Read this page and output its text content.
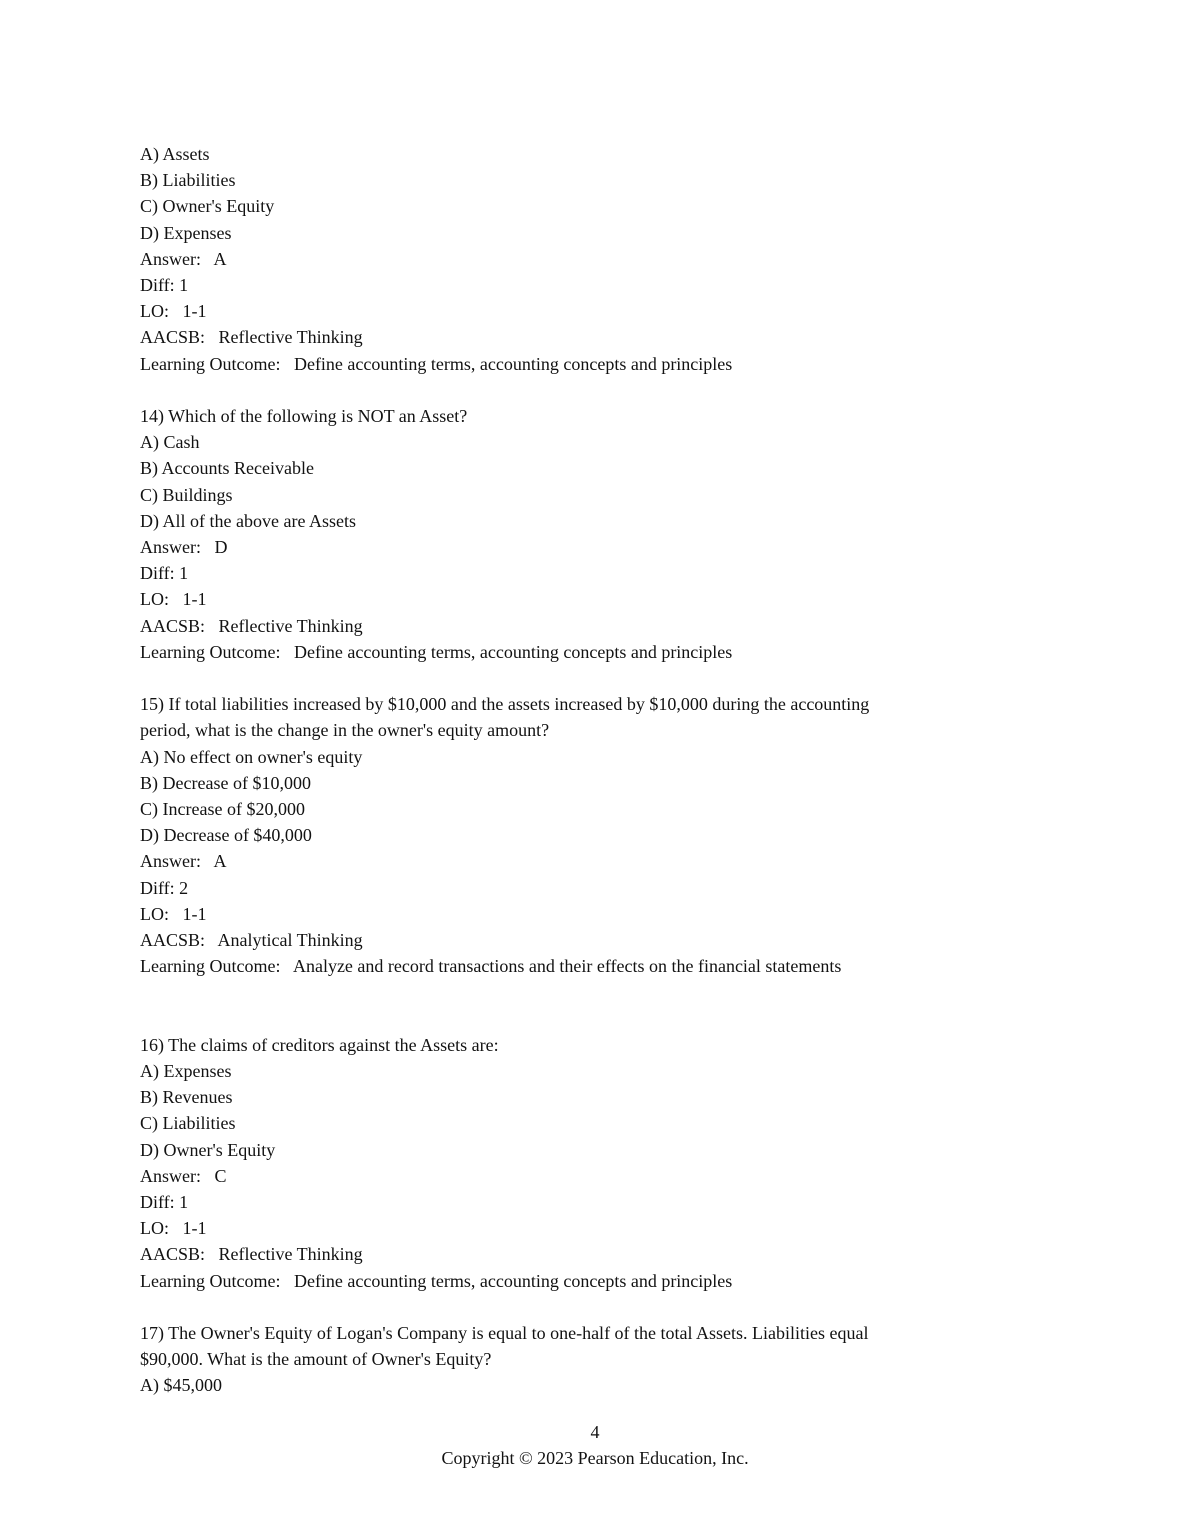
A) Assets

B) Liabilities

C) Owner's Equity

D) Expenses

Answer:   A

Diff: 1

LO:   1-1

AACSB:   Reflective Thinking

Learning Outcome:   Define accounting terms, accounting concepts and principles

14) Which of the following is NOT an Asset?

A) Cash

B) Accounts Receivable

C) Buildings

D) All of the above are Assets

Answer:   D

Diff: 1

LO:   1-1

AACSB:   Reflective Thinking

Learning Outcome:   Define accounting terms, accounting concepts and principles

15) If total liabilities increased by $10,000 and the assets increased by $10,000 during the accounting

period, what is the change in the owner's equity amount?

A) No effect on owner's equity

B) Decrease of $10,000

C) Increase of $20,000

D) Decrease of $40,000

Answer:   A

Diff: 2

LO:   1-1

AACSB:   Analytical Thinking

Learning Outcome:   Analyze and record transactions and their effects on the financial statements

16) The claims of creditors against the Assets are:

A) Expenses

B) Revenues

C) Liabilities

D) Owner's Equity

Answer:   C

Diff: 1

LO:   1-1

AACSB:   Reflective Thinking

Learning Outcome:   Define accounting terms, accounting concepts and principles

17) The Owner's Equity of Logan's Company is equal to one-half of the total Assets. Liabilities equal

$90,000. What is the amount of Owner's Equity?

A) $45,000

4

Copyright © 2023 Pearson Education, Inc.
